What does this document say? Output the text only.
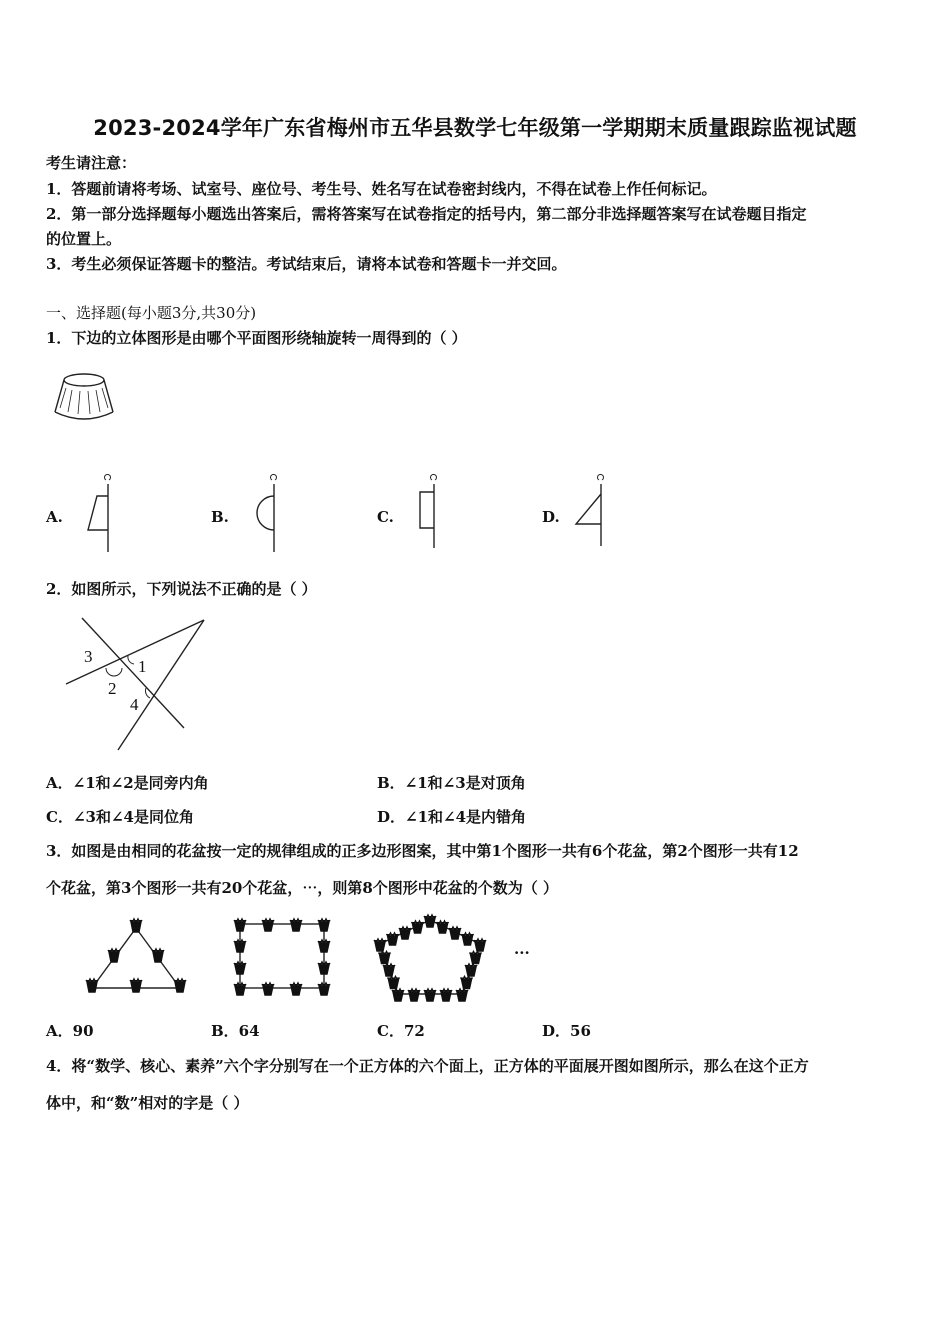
2023-2024学年广东省梅州市五华县数学七年级第一学期期末质量跟踪监视试题
考生请注意：
1．答题前请将考场、试室号、座位号、考生号、姓名写在试卷密封线内，不得在试卷上作任何标记。
2．第一部分选择题每小题选出答案后，需将答案写在试卷指定的括号内，第二部分非选择题答案写在试卷题目指定
的位置上。
3．考生必须保证答题卡的整洁。考试结束后，请将本试卷和答题卡一并交回。
一、选择题(每小题3分,共30分)
1．下边的立体图形是由哪个平面图形绕轴旋转一周得到的（ ）
A.	B.	C.	D.
2．如图所示，下列说法不正确的是（ ）
3
1
2
4
A．∠1和∠2是同旁内角	B．∠1和∠3是对顶角
C．∠3和∠4是同位角	D．∠1和∠4是内错角
3．如图是由相同的花盆按一定的规律组成的正多边形图案，其中第1个图形一共有6个花盆，第2个图形一共有12
个花盆，第3个图形一共有20个花盆，⋯，则第8个图形中花盆的个数为（ ）
...
A．90	B．64	C．72	D．56
4．将“数学、核心、素养”六个字分别写在一个正方体的六个面上，正方体的平面展开图如图所示，那么在这个正方
体中，和“数”相对的字是（ ）
